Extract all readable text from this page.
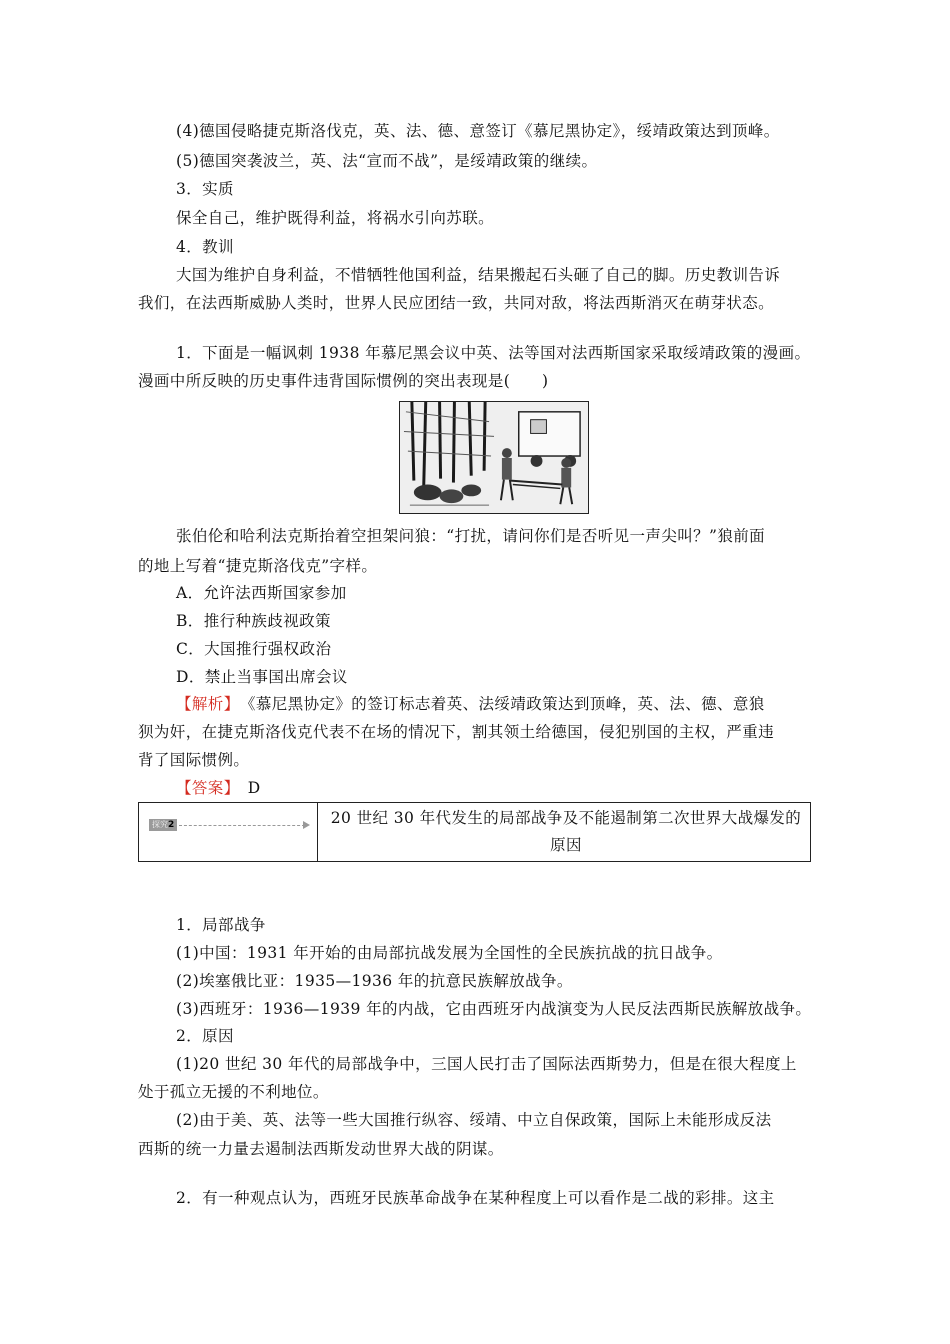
(4)德国侵略捷克斯洛伐克，英、法、德、意签订《慕尼黑协定》，绥靖政策达到顶峰。
(5)德国突袭波兰，英、法“宣而不战”，是绥靖政策的继续。
3．实质
保全自己，维护既得利益，将祸水引向苏联。
4．教训
大国为维护自身利益，不惜牺牲他国利益，结果搬起石头砸了自己的脚。历史教训告诉
我们，在法西斯威胁人类时，世界人民应团结一致，共同对敌，将法西斯消灭在萌芽状态。
1．下面是一幅讽刺 1938 年慕尼黑会议中英、法等国对法西斯国家采取绥靖政策的漫画。
漫画中所反映的历史事件违背国际惯例的突出表现是(　　)
张伯伦和哈利法克斯抬着空担架问狼：“打扰，请问你们是否听见一声尖叫？”狼前面
的地上写着“捷克斯洛伐克”字样。
A．允许法西斯国家参加
B．推行种族歧视政策
C．大国推行强权政治
D．禁止当事国出席会议
【解析】　《慕尼黑协定》的签订标志着英、法绥靖政策达到顶峰，英、法、德、意狼
狈为奸，在捷克斯洛伐克代表不在场的情况下，割其领土给德国，侵犯别国的主权，严重违
背了国际惯例。
【答案】　D
探究2	20 世纪 30 年代发生的局部战争及不能遏制第二次世界大战爆发的原因
1．局部战争
(1)中国：1931 年开始的由局部抗战发展为全国性的全民族抗战的抗日战争。
(2)埃塞俄比亚：1935—1936 年的抗意民族解放战争。
(3)西班牙：1936—1939 年的内战，它由西班牙内战演变为人民反法西斯民族解放战争。
2．原因
(1)20 世纪 30 年代的局部战争中，三国人民打击了国际法西斯势力，但是在很大程度上
处于孤立无援的不利地位。
(2)由于美、英、法等一些大国推行纵容、绥靖、中立自保政策，国际上未能形成反法
西斯的统一力量去遏制法西斯发动世界大战的阴谋。
2．有一种观点认为，西班牙民族革命战争在某种程度上可以看作是二战的彩排。这主
